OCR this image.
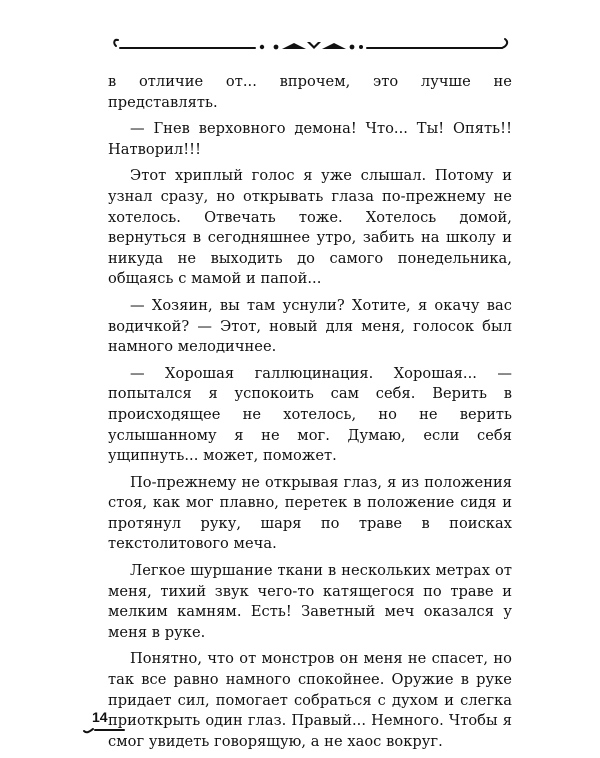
в отличие от... впрочем, это лучше не представлять.

— Гнев верховного демона! Что... Ты! Опять!! Натворил!!!

Этот хриплый голос я уже слышал. Потому и узнал сразу, но открывать глаза по-прежнему не хотелось. Отвечать тоже. Хотелось домой, вернуться в сегодняшнее утро, забить на школу и никуда не выходить до самого понедельника, общаясь с мамой и папой...

— Хозяин, вы там уснули? Хотите, я окачу вас водичкой? — Этот, новый для меня, голосок был намного мелодичнее.

— Хорошая галлюцинация. Хорошая... — попытался я успокоить сам себя. Верить в происходящее не хотелось, но не верить услышанному я не мог. Думаю, если себя ущипнуть... может, поможет.

По-прежнему не открывая глаз, я из положения стоя, как мог плавно, перетек в положение сидя и протянул руку, шаря по траве в поисках текстолитового меча.

Легкое шуршание ткани в нескольких метрах от меня, тихий звук чего-то катящегося по траве и мелким камням. Есть! Заветный меч оказался у меня в руке.

Понятно, что от монстров он меня не спасет, но так все равно намного спокойнее. Оружие в руке придает сил, помогает собраться с духом и слегка приоткрыть один глаз. Правый... Немного. Чтобы я смог увидеть говорящую, а не хаос вокруг.

14
